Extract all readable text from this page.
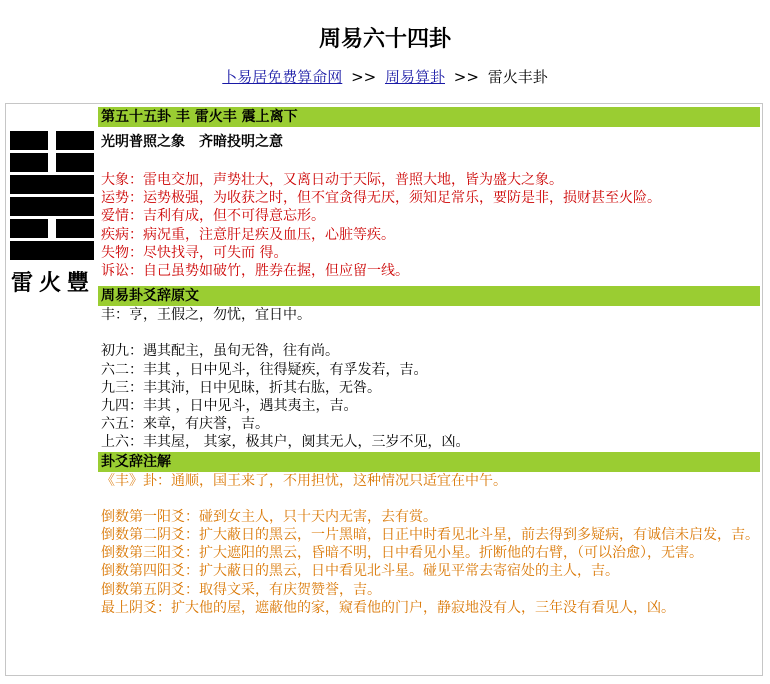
周易六十四卦
卜易居免费算命网 >> 周易算卦 >> 雷火丰卦
雷火豐
第五十五卦 丰 雷火丰 震上离下
光明普照之象　齐暗投明之意
大象：雷电交加，声势壮大，又离日动于天际，普照大地，皆为盛大之象。
运势：运势极强，为收获之时，但不宜贪得无厌，须知足常乐，要防是非，损财甚至火险。
爱情：吉利有成，但不可得意忘形。
疾病：病况重，注意肝足疾及血压，心脏等疾。
失物：尽快找寻，可失而 得。
诉讼：自己虽势如破竹，胜券在握，但应留一线。
周易卦爻辞原文
丰：亨，王假之，勿忧，宜日中。
初九：遇其配主，虽旬无咎，往有尚。
六二：丰其 ，日中见斗，往得疑疾，有孚发若，吉。
九三：丰其沛，日中见昧，折其右肱，无咎。
九四：丰其 ，日中见斗，遇其夷主，吉。
六五：来章，有庆誉，吉。
上六：丰其屋， 其家，极其户，阒其无人，三岁不见，凶。
卦爻辞注解
《丰》卦：通顺，国王来了，不用担忧，这种情况只适宜在中午。
倒数第一阳爻：碰到女主人，只十天内无害，去有赏。
倒数第二阴爻：扩大蔽日的黑云，一片黑暗，日正中时看见北斗星，前去得到多疑病，有诚信未启发，吉。
倒数第三阳爻：扩大遮阳的黑云，昏暗不明，日中看见小星。折断他的右臂，（可以治愈），无害。
倒数第四阳爻：扩大蔽日的黑云，日中看见北斗星。碰见平常去寄宿处的主人，吉。
倒数第五阴爻：取得文采，有庆贺赞誉，吉。
最上阴爻：扩大他的屋，遮蔽他的家，窥看他的门户，静寂地没有人，三年没有看见人，凶。
